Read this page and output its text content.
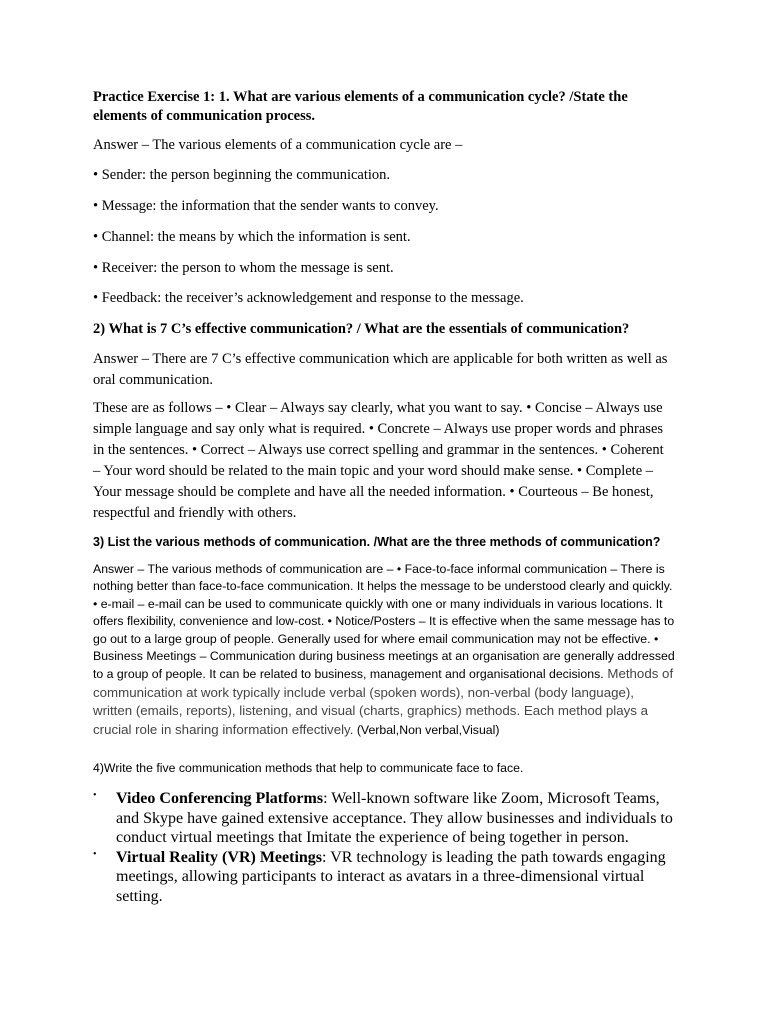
Practice Exercise 1: 1. What are various elements of a communication cycle? /State the elements of communication process.

Answer – The various elements of a communication cycle are –

• Sender: the person beginning the communication.

• Message: the information that the sender wants to convey.

• Channel: the means by which the information is sent.

• Receiver: the person to whom the message is sent.

• Feedback: the receiver’s acknowledgement and response to the message.

2) What is 7 C’s effective communication? / What are the essentials of communication?

Answer – There are 7 C’s effective communication which are applicable for both written as well as oral communication.

These are as follows – • Clear – Always say clearly, what you want to say. • Concise – Always use simple language and say only what is required. • Concrete – Always use proper words and phrases in the sentences. • Correct – Always use correct spelling and grammar in the sentences. • Coherent – Your word should be related to the main topic and your word should make sense. • Complete – Your message should be complete and have all the needed information. • Courteous – Be honest, respectful and friendly with others.

3) List the various methods of communication. /What are the three methods of communication?

Answer – The various methods of communication are – • Face-to-face informal communication – There is nothing better than face-to-face communication. It helps the message to be understood clearly and quickly. • e-mail – e-mail can be used to communicate quickly with one or many individuals in various locations. It offers flexibility, convenience and low-cost. • Notice/Posters – It is effective when the same message has to go out to a large group of people. Generally used for where email communication may not be effective. • Business Meetings – Communication during business meetings at an organisation are generally addressed to a group of people. It can be related to business, management and organisational decisions. Methods of communication at work typically include verbal (spoken words), non-verbal (body language), written (emails, reports), listening, and visual (charts, graphics) methods. Each method plays a crucial role in sharing information effectively. (Verbal,Non verbal,Visual)

4)Write the five communication methods that help to communicate face to face.

• Video Conferencing Platforms: Well-known software like Zoom, Microsoft Teams, and Skype have gained extensive acceptance. They allow businesses and individuals to conduct virtual meetings that Imitate the experience of being together in person.
• Virtual Reality (VR) Meetings: VR technology is leading the path towards engaging meetings, allowing participants to interact as avatars in a three-dimensional virtual setting.
